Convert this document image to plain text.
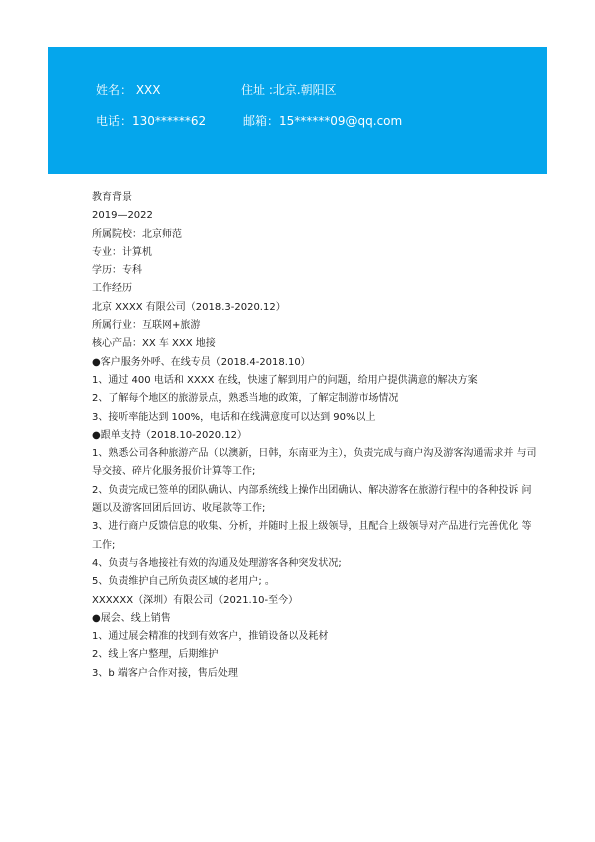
姓名： XXX	住址 :北京.朝阳区
电话：130******62	邮箱：15******09@qq.com
教育背景
2019—2022
所属院校：北京师范
专业：计算机
学历：专科
工作经历
北京 XXXX 有限公司（2018.3-2020.12）
所属行业：互联网+旅游
核心产品：XX 车 XXX 地接
●客户服务外呼、在线专员（2018.4-2018.10）
1、通过 400 电话和 XXXX 在线，快速了解到用户的问题，给用户提供满意的解决方案
2、了解每个地区的旅游景点，熟悉当地的政策，了解定制游市场情况
3、接听率能达到 100%，电话和在线满意度可以达到 90%以上
●跟单支持（2018.10-2020.12）
1、熟悉公司各种旅游产品（以澳新，日韩，东南亚为主），负责完成与商户沟及游客沟通需求并 与司导交接、碎片化服务报价计算等工作;
2、负责完成已签单的团队确认、内部系统线上操作出团确认、解决游客在旅游行程中的各种投诉 问题以及游客回团后回访、收尾款等工作;
3、进行商户反馈信息的收集、分析，并随时上报上级领导，且配合上级领导对产品进行完善优化 等工作;
4、负责与各地接社有效的沟通及处理游客各种突发状况;
5、负责维护自己所负责区域的老用户; 。
XXXXXX（深圳）有限公司（2021.10-至今）
●展会、线上销售
1、通过展会精准的找到有效客户，推销设备以及耗材
2、线上客户整理，后期维护
3、b 端客户合作对接，售后处理
